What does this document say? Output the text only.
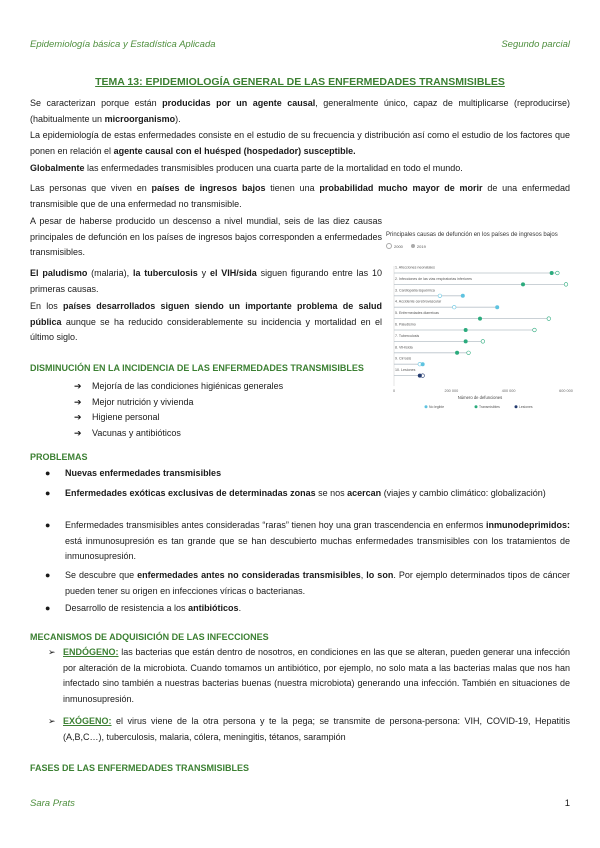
Epidemiología básica y Estadística Aplicada	Segundo parcial
TEMA 13: EPIDEMIOLOGÍA GENERAL DE LAS ENFERMEDADES TRANSMISIBLES

Se caracterizan porque están producidas por un agente causal, generalmente único, capaz de multiplicarse (reproducirse) (habitualmente un microorganismo).

La epidemiología de estas enfermedades consiste en el estudio de su frecuencia y distribución así como el estudio de los factores que ponen en relación el agente causal con el huésped (hospedador) susceptible.

Globalmente las enfermedades transmisibles producen una cuarta parte de la mortalidad en todo el mundo.

Las personas que viven en países de ingresos bajos tienen una probabilidad mucho mayor de morir de una enfermedad transmisible que de una enfermedad no transmisible.

A pesar de haberse producido un descenso a nivel mundial, seis de las diez causas principales de defunción en los países de ingresos bajos corresponden a enfermedades transmisibles.

El paludismo (malaria), la tuberculosis y el VIH/sida siguen figurando entre las 10 primeras causas.

En los países desarrollados siguen siendo un importante problema de salud pública aunque se ha reducido considerablemente su incidencia y mortalidad en el último siglo.

Principales causas de defunción en los países de ingresos bajos
2000	2019
1. Afecciones neonatales
2. Infecciones de las vías respiratorias inferiores
3. Cardiopatía isquémica
4. Accidente cerebrovascular
5. Enfermedades diarreicas
6. Paludismo
7. Tuberculosis
8. VIH/sida
9. Cirrosis
10. Lesiones
0	200 000	400 000	600 000
Número de defunciones
No legible	Transmisibles	Lesiones
DISMINUCIÓN EN LA INCIDENCIA DE LAS ENFERMEDADES TRANSMISIBLES
➔	Mejoría de las condiciones higiénicas generales
➔	Mejor nutrición y vivienda
➔	Higiene personal
➔	Vacunas y antibióticos
PROBLEMAS
●	Nuevas enfermedades transmisibles
●	Enfermedades exóticas exclusivas de determinadas zonas se nos acercan (viajes y cambio climático: globalización)
●	Enfermedades transmisibles antes consideradas “raras” tienen hoy una gran trascendencia en enfermos inmunodeprimidos: está inmunosupresión es tan grande que se han descubierto muchas enfermedades transmisibles con los tratamientos de inmunosupresión.
●	Se descubre que enfermedades antes no consideradas transmisibles, lo son. Por ejemplo determinados tipos de cáncer pueden tener su origen en infecciones víricas o bacterianas.
●	Desarrollo de resistencia a los antibióticos.
MECANISMOS DE ADQUISICIÓN DE LAS INFECCIONES
➢ ENDÓGENO: las bacterias que están dentro de nosotros, en condiciones en las que se alteran, pueden generar una infección por alteración de la microbiota. Cuando tomamos un antibiótico, por ejemplo, no solo mata a las bacterias malas que nos han infectado sino también a nuestras bacterias buenas (nuestra microbiota) generando una infección. También en situaciones de inmunosupresión.
➢ EXÓGENO: el virus viene de la otra persona y te la pega; se transmite de persona-persona: VIH, COVID-19, Hepatitis (A,B,C…), tuberculosis, malaria, cólera, meningitis, tétanos, sarampión
FASES DE LAS ENFERMEDADES TRANSMISIBLES
Sara Prats	1
